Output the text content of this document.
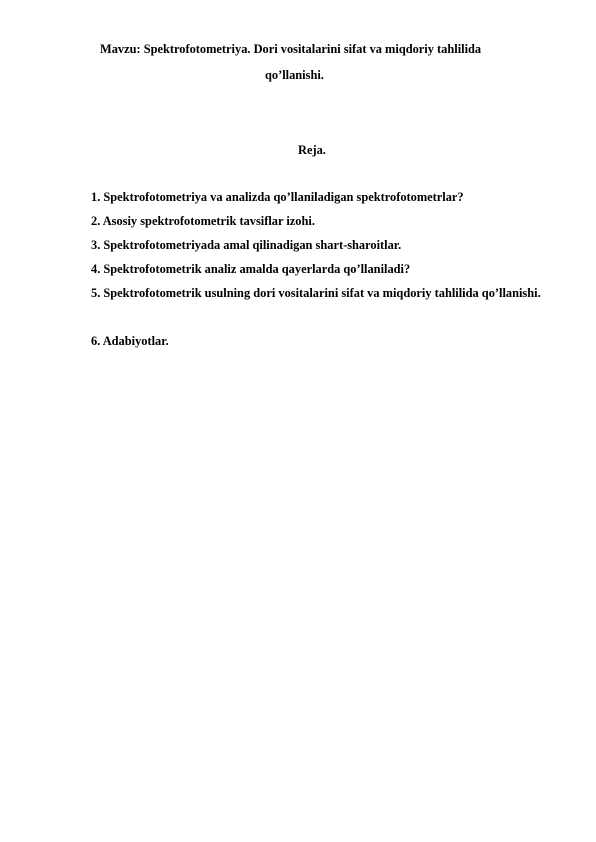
Mavzu: Spektrofotometriya. Dori vositalarini sifat va miqdoriy tahlilida
qo’llanishi.
Reja.
1. Spektrofotometriya va analizda qo’llaniladigan spektrofotometrlar?
2. Asosiy spektrofotometrik tavsiflar izohi.
3. Spektrofotometriyada amal qilinadigan shart-sharoitlar.
4. Spektrofotometrik analiz amalda qayerlarda qo’llaniladi?
5. Spektrofotometrik usulning dori vositalarini sifat va miqdoriy tahlilida qo’llanishi.
6. Adabiyotlar.
